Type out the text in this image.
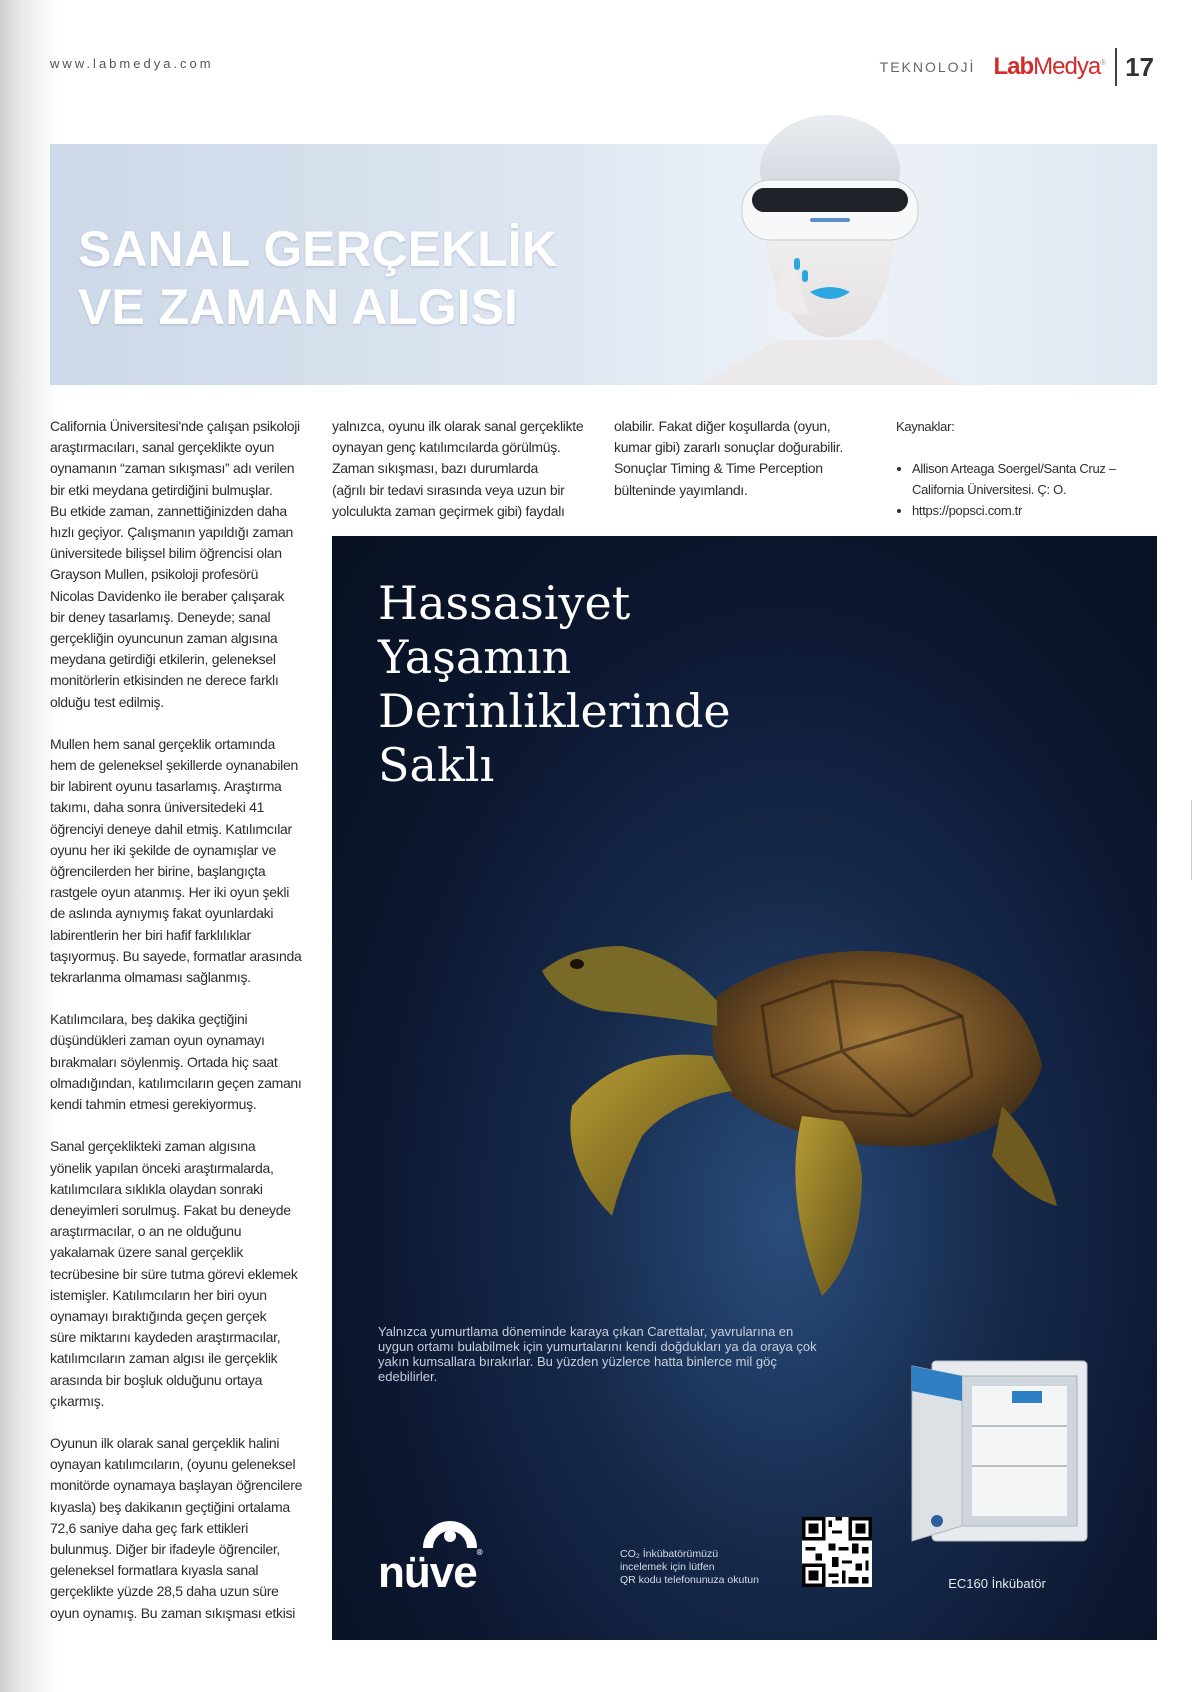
www.labmedya.com	TEKNOLOJİ LabMedya® 17
SANAL GERÇEKLİK
VE ZAMAN ALGISI

California Üniversitesi'nde çalışan psikoloji
araştırmacıları, sanal gerçeklikte oyun
oynamanın “zaman sıkışması” adı verilen
bir etki meydana getirdiğini bulmuşlar.
Bu etkide zaman, zannettiğinizden daha
hızlı geçiyor. Çalışmanın yapıldığı zaman
üniversitede bilişsel bilim öğrencisi olan
Grayson Mullen, psikoloji profesörü
Nicolas Davidenko ile beraber çalışarak
bir deney tasarlamış. Deneyde; sanal
gerçekliğin oyuncunun zaman algısına
meydana getirdiği etkilerin, geleneksel
monitörlerin etkisinden ne derece farklı
olduğu test edilmiş.

Mullen hem sanal gerçeklik ortamında
hem de geleneksel şekillerde oynanabilen
bir labirent oyunu tasarlamış. Araştırma
takımı, daha sonra üniversitedeki 41
öğrenciyi deneye dahil etmiş. Katılımcılar
oyunu her iki şekilde de oynamışlar ve
öğrencilerden her birine, başlangıçta
rastgele oyun atanmış. Her iki oyun şekli
de aslında aynıymış fakat oyunlardaki
labirentlerin her biri hafif farklılıklar
taşıyormuş. Bu sayede, formatlar arasında
tekrarlanma olmaması sağlanmış.

Katılımcılara, beş dakika geçtiğini
düşündükleri zaman oyun oynamayı
bırakmaları söylenmiş. Ortada hiç saat
olmadığından, katılımcıların geçen zamanı
kendi tahmin etmesi gerekiyormuş.

Sanal gerçeklikteki zaman algısına
yönelik yapılan önceki araştırmalarda,
katılımcılara sıklıkla olaydan sonraki
deneyimleri sorulmuş. Fakat bu deneyde
araştırmacılar, o an ne olduğunu
yakalamak üzere sanal gerçeklik
tecrübesine bir süre tutma görevi eklemek
istemişler. Katılımcıların her biri oyun
oynamayı bıraktığında geçen gerçek
süre miktarını kaydeden araştırmacılar,
katılımcıların zaman algısı ile gerçeklik
arasında bir boşluk olduğunu ortaya
çıkarmış.

Oyunun ilk olarak sanal gerçeklik halini
oynayan katılımcıların, (oyunu geleneksel
monitörde oynamaya başlayan öğrencilere
kıyasla) beş dakikanın geçtiğini ortalama
72,6 saniye daha geç fark ettikleri
bulunmuş. Diğer bir ifadeyle öğrenciler,
geleneksel formatlara kıyasla sanal
gerçeklikte yüzde 28,5 daha uzun süre
oyun oynamış. Bu zaman sıkışması etkisi

yalnızca, oyunu ilk olarak sanal gerçeklikte
oynayan genç katılımcılarda görülmüş.
Zaman sıkışması, bazı durumlarda
(ağrılı bir tedavi sırasında veya uzun bir
yolculukta zaman geçirmek gibi) faydalı

olabilir. Fakat diğer koşullarda (oyun,
kumar gibi) zararlı sonuçlar doğurabilir.
Sonuçlar Timing & Time Perception
bülteninde yayımlandı.

Kaynaklar:

• Allison Arteaga Soergel/Santa Cruz – California Üniversitesi. Ç: O.
• https://popsci.com.tr
Hassasiyet
Yaşamın
Derinliklerinde
Saklı

Yalnızca yumurtlama döneminde karaya çıkan Carettalar, yavrularına en uygun ortamı bulabilmek için yumurtalarını kendi doğdukları ya da oraya çok yakın kumsallara bırakırlar. Bu yüzden yüzlerce hatta binlerce mil göç edebilirler.

nüve®	CO₂ İnkübatörümüzü
incelemek için lütfen
QR kodu telefonunuza okutun	EC160 İnkübatör
